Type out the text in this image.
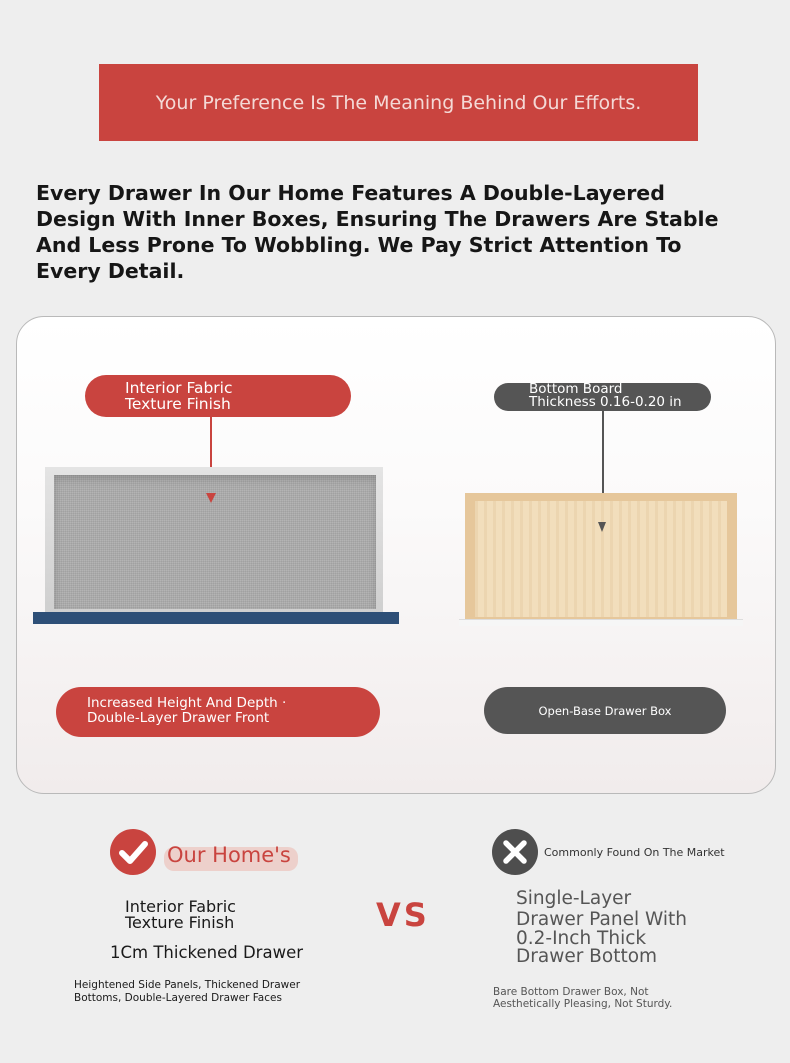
Your Preference Is The Meaning Behind Our Efforts.
Every Drawer In Our Home Features A Double-Layered Design With Inner Boxes, Ensuring The Drawers Are Stable And Less Prone To Wobbling. We Pay Strict Attention To Every Detail.
Interior Fabric
Texture Finish
Bottom Board
Thickness 0.16-0.20 in
Increased Height And Depth ·
Double-Layer Drawer Front	Open-Base Drawer Box
Our Home's
Interior Fabric
Texture Finish
1Cm Thickened Drawer
Heightened Side Panels, Thickened Drawer
Bottoms, Double-Layered Drawer Faces
VS
Commonly Found On The Market
Single-Layer
Drawer Panel With
0.2-Inch Thick
Drawer Bottom
Bare Bottom Drawer Box, Not
Aesthetically Pleasing, Not Sturdy.
